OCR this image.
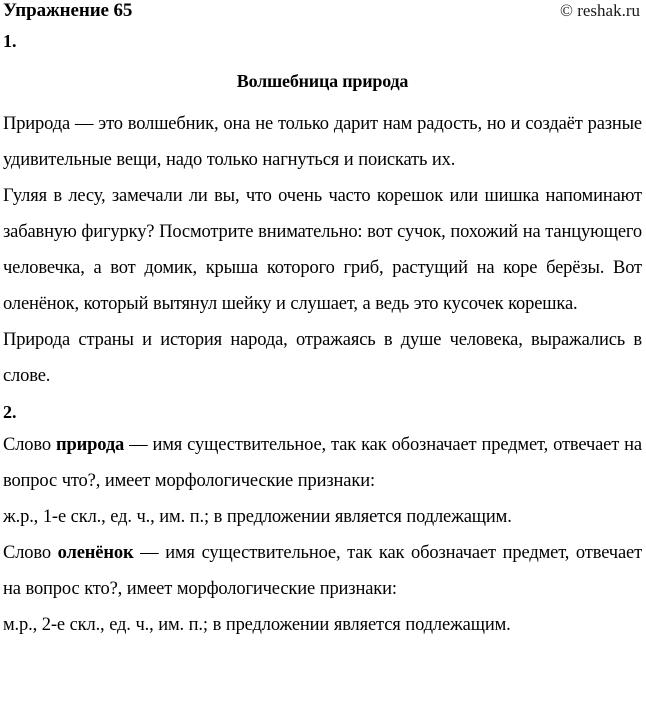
Упражнение 65	© reshak.ru
1.
Волшебница природа

Природа — это волшебник, она не только дарит нам радость, но и создаёт разные удивительные вещи, надо только нагнуться и поискать их.

Гуляя в лесу, замечали ли вы, что очень часто корешок или шишка напоминают забавную фигурку? Посмотрите внимательно: вот сучок, похожий на танцующего человечка, а вот домик, крыша которого гриб, растущий на коре берёзы. Вот оленёнок, который вытянул шейку и слушает, а ведь это кусочек корешка.

Природа страны и история народа, отражаясь в душе человека, выражались в слове.

2.

Слово природа — имя существительное, так как обозначает предмет, отвечает на вопрос что?, имеет морфологические признаки:

ж.р., 1-е скл., ед. ч., им. п.; в предложении является подлежащим.

Слово оленёнок — имя существительное, так как обозначает предмет, отвечает на вопрос кто?, имеет морфологические признаки:

м.р., 2-е скл., ед. ч., им. п.; в предложении является подлежащим.
